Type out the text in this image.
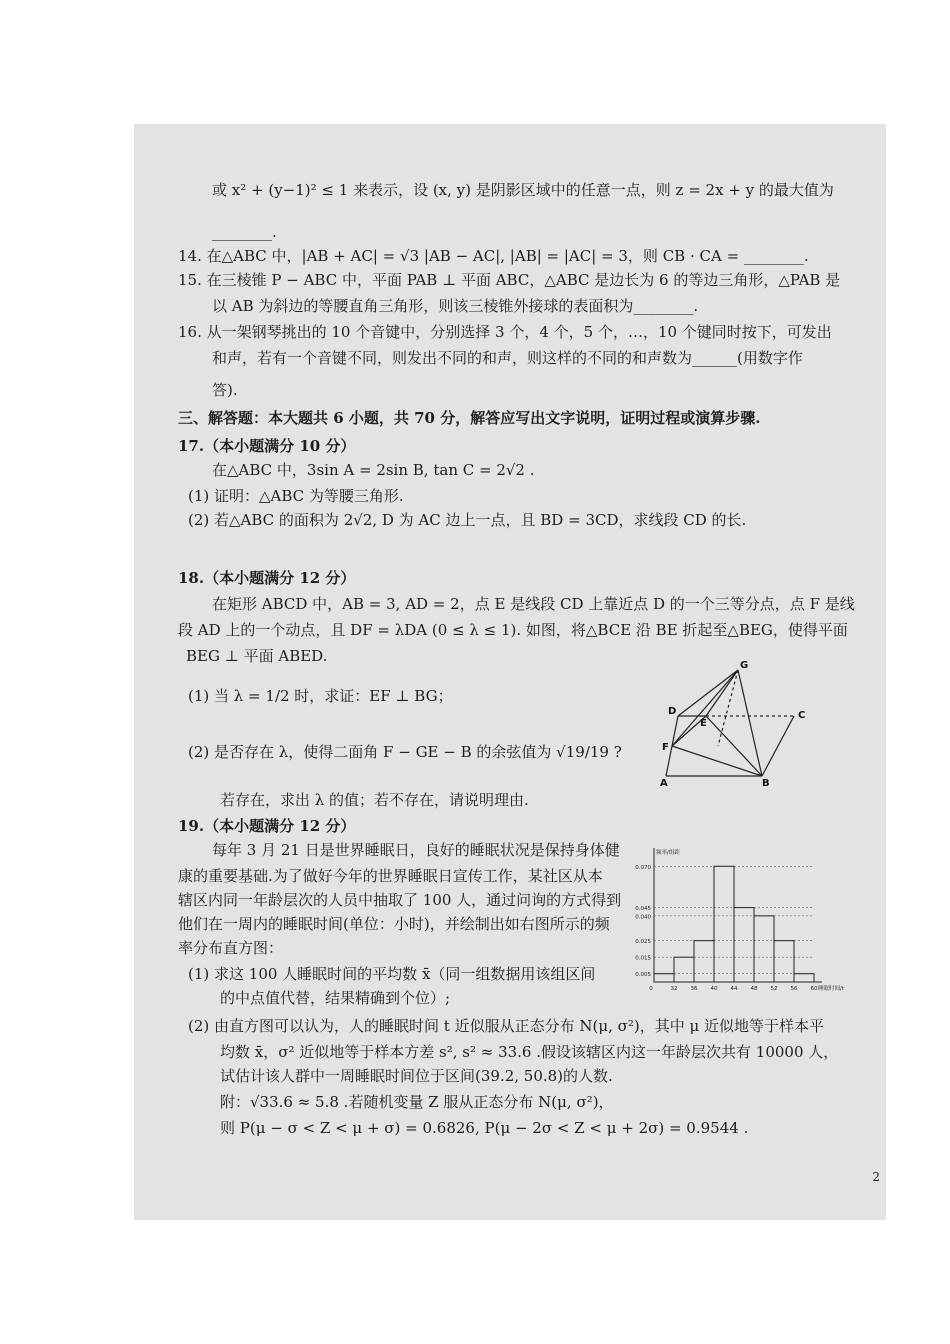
或 x² + (y−1)² ≤ 1 来表示，设 (x, y) 是阴影区域中的任意一点，则 z = 2x + y 的最大值为
________.
14. 在△ABC 中，|AB + AC| = √3 |AB − AC|, |AB| = |AC| = 3，则 CB · CA = ________.
15. 在三棱锥 P − ABC 中，平面 PAB ⊥ 平面 ABC，△ABC 是边长为 6 的等边三角形，△PAB 是
以 AB 为斜边的等腰直角三角形，则该三棱锥外接球的表面积为________.
16. 从一架钢琴挑出的 10 个音键中，分别选择 3 个，4 个，5 个，…，10 个键同时按下，可发出
和声，若有一个音键不同，则发出不同的和声，则这样的不同的和声数为______(用数字作
答).
三、解答题：本大题共 6 小题，共 70 分，解答应写出文字说明，证明过程或演算步骤.
17.（本小题满分 10 分）
在△ABC 中，3sin A = 2sin B, tan C = 2√2 .
(1) 证明：△ABC 为等腰三角形.
(2) 若△ABC 的面积为 2√2, D 为 AC 边上一点，且 BD = 3CD，求线段 CD 的长.
18.（本小题满分 12 分）
在矩形 ABCD 中，AB = 3, AD = 2，点 E 是线段 CD 上靠近点 D 的一个三等分点，点 F 是线
段 AD 上的一个动点，且 DF = λDA (0 ≤ λ ≤ 1). 如图，将△BCE 沿 BE 折起至△BEG，使得平面
BEG ⊥ 平面 ABED.
(1) 当 λ = 1/2 时，求证：EF ⊥ BG；
(2) 是否存在 λ，使得二面角 F − GE − B 的余弦值为 √19/19 ?
若存在，求出 λ 的值；若不存在，请说明理由.
G
D
E
C
F
A	B
19.（本小题满分 12 分）
每年 3 月 21 日是世界睡眠日，良好的睡眠状况是保持身体健
康的重要基础.为了做好今年的世界睡眠日宣传工作，某社区从本
辖区内同一年龄层次的人员中抽取了 100 人，通过问询的方式得到
他们在一周内的睡眠时间(单位：小时)，并绘制出如右图所示的频
率分布直方图：
(1) 求这 100 人睡眠时间的平均数 x̄（同一组数据用该组区间
的中点值代替，结果精确到个位）;
(2) 由直方图可以认为，人的睡眠时间 t 近似服从正态分布 N(μ, σ²)，其中 μ 近似地等于样本平
均数 x̄，σ² 近似地等于样本方差 s², s² ≈ 33.6 .假设该辖区内这一年龄层次共有 10000 人，
试估计该人群中一周睡眠时间位于区间(39.2, 50.8)的人数.
附：√33.6 ≈ 5.8 .若随机变量 Z 服从正态分布 N(μ, σ²)，
则 P(μ − σ < Z < μ + σ) = 0.6826, P(μ − 2σ < Z < μ + 2σ) = 0.9544 .
0.005
0.015
0.025
0.040
0.045
0.070
0	32 36 40 44 48 52 56 60
频率/组距
睡眠时间/t
2
